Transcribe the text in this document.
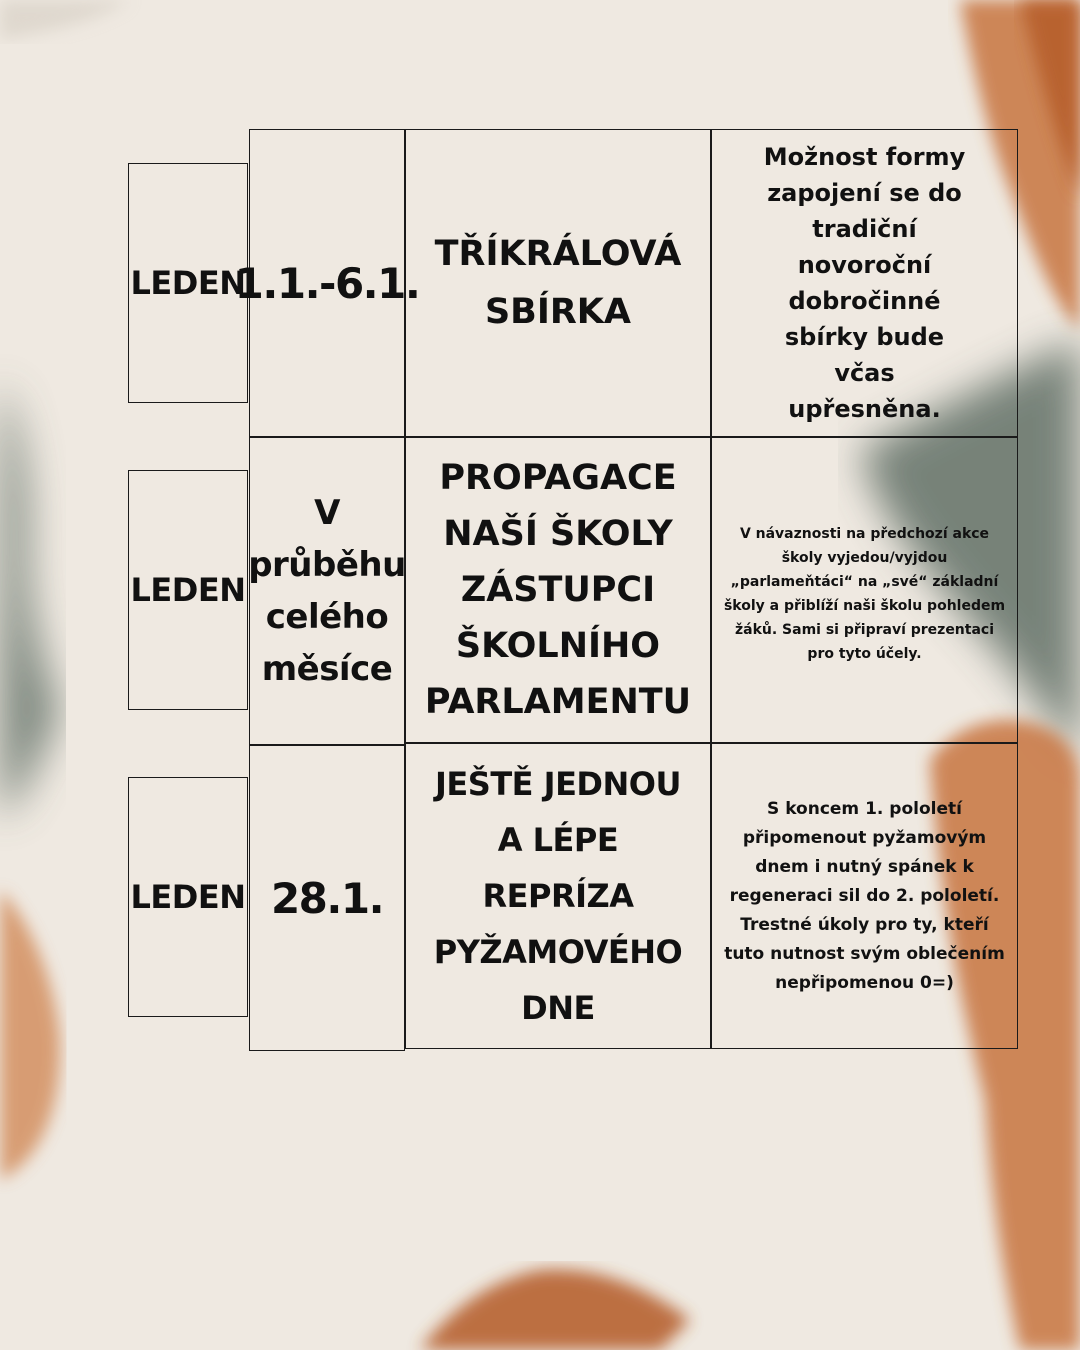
LEDEN
1.1.-6.1.
TŘÍKRÁLOVÁ
SBÍRKA
Možnost formy
zapojení se do
tradiční
novoroční
dobročinné
sbírky bude
včas
upřesněna.
LEDEN
V
průběhu
celého
měsíce
PROPAGACE
NAŠÍ ŠKOLY
ZÁSTUPCI
ŠKOLNÍHO
PARLAMENTU
V návaznosti na předchozí akce
školy vyjedou/vyjdou
„parlameňtáci“ na „své“ základní
školy a přiblíží naši školu pohledem
žáků. Sami si připraví prezentaci
pro tyto účely.
LEDEN 28.1.
JEŠTĚ JEDNOU
A LÉPE
REPRÍZA
PYŽAMOVÉHO
DNE
S koncem 1. pololetí
připomenout pyžamovým
dnem i nutný spánek k
regeneraci sil do 2. pololetí.
Trestné úkoly pro ty, kteří
tuto nutnost svým oblečením
nepřipomenou 0=)
